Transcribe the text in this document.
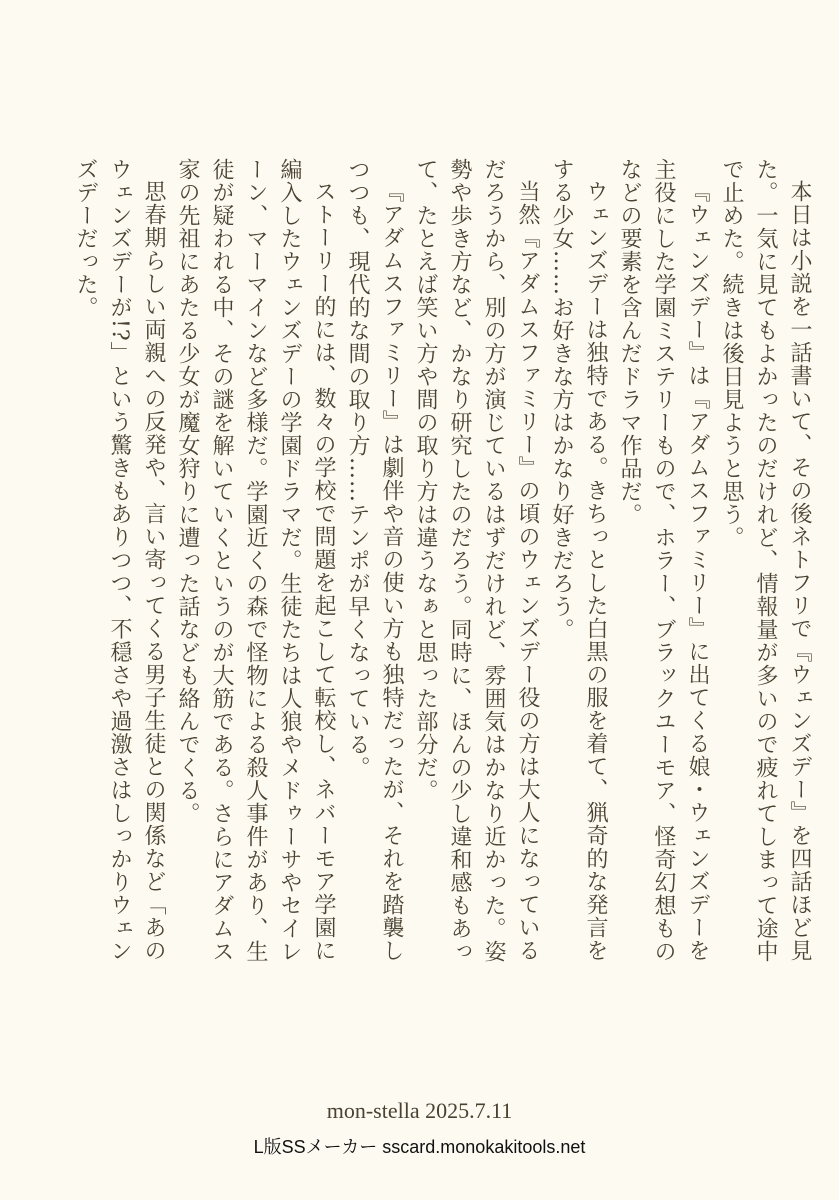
本日は小説を一話書いて、その後ネトフリで『ウェンズデー』を四話ほど見た。一気に見てもよかったのだけれど、情報量が多いので疲れてしまって途中で止めた。続きは後日見ようと思う。

『ウェンズデー』は『アダムスファミリー』に出てくる娘・ウェンズデーを主役にした学園ミステリーもので、ホラー、ブラックユーモア、怪奇幻想ものなどの要素を含んだドラマ作品だ。

ウェンズデーは独特である。きちっとした白黒の服を着て、猟奇的な発言をする少女……お好きな方はかなり好きだろう。

当然『アダムスファミリー』の頃のウェンズデー役の方は大人になっているだろうから、別の方が演じているはずだけれど、雰囲気はかなり近かった。姿勢や歩き方など、かなり研究したのだろう。同時に、ほんの少し違和感もあって、たとえば笑い方や間の取り方は違うなぁと思った部分だ。

『アダムスファミリー』は劇伴や音の使い方も独特だったが、それを踏襲しつつも、現代的な間の取り方……テンポが早くなっている。

ストーリー的には、数々の学校で問題を起こして転校し、ネバーモア学園に編入したウェンズデーの学園ドラマだ。生徒たちは人狼やメドゥーサやセイレーン、マーマインなど多様だ。学園近くの森で怪物による殺人事件があり、生徒が疑われる中、その謎を解いていくというのが大筋である。さらにアダムス家の先祖にあたる少女が魔女狩りに遭った話なども絡んでくる。

思春期らしい両親への反発や、言い寄ってくる男子生徒との関係など「あのウェンズデーが!?」という驚きもありつつ、不穏さや過激さはしっかりウェンズデーだった。

mon-stella 2025.7.11
L版SSメーカー sscard.monokakitools.net
